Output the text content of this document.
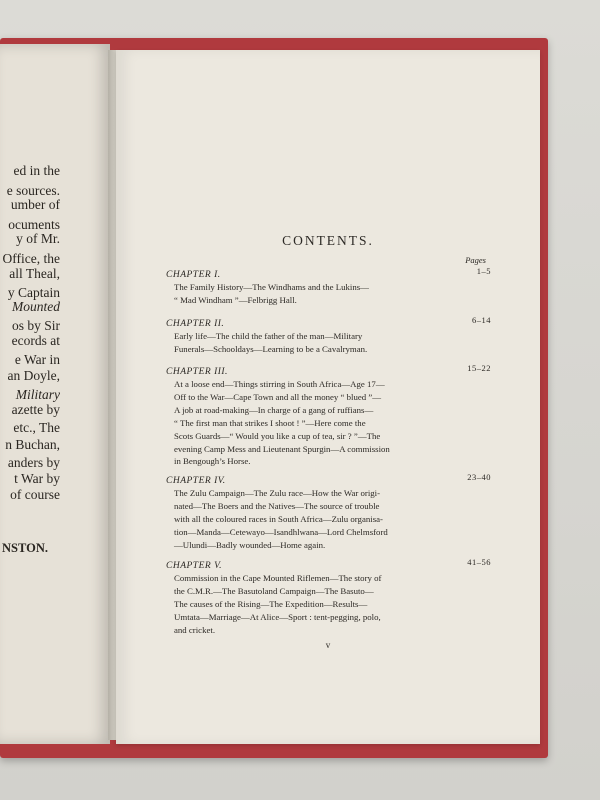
ed in the
e sources.
umber of
ocuments
y of Mr.
Office, the
all Theal,
y Captain
Mounted
os by Sir
ecords at
e War in
an Doyle,
Military
azette by
etc., The
n Buchan,
anders by
t War by
of course
NSTON.
CONTENTS.
Pages
CHAPTER I.	1–5
The Family History—The Windhams and the Lukins—
“ Mad Windham ”—Felbrigg Hall.
CHAPTER II.	6–14
Early life—The child the father of the man—Military
Funerals—Schooldays—Learning to be a Cavalryman.
CHAPTER III.	15–22
At a loose end—Things stirring in South Africa—Age 17—
Off to the War—Cape Town and all the money “ blued ”—
A job at road-making—In charge of a gang of ruffians—
“ The first man that strikes I shoot ! ”—Here come the
Scots Guards—“ Would you like a cup of tea, sir ? ”—The
evening Camp Mess and Lieutenant Spurgin—A commission
in Bengough’s Horse.
CHAPTER IV.	23–40
The Zulu Campaign—The Zulu race—How the War origi-
nated—The Boers and the Natives—The source of trouble
with all the coloured races in South Africa—Zulu organisa-
tion—Manda—Cetewayo—Isandhlwana—Lord Chelmsford
—Ulundi—Badly wounded—Home again.
CHAPTER V.	41–56
Commission in the Cape Mounted Riflemen—The story of
the C.M.R.—The Basutoland Campaign—The Basuto—
The causes of the Rising—The Expedition—Results—
Umtata—Marriage—At Alice—Sport : tent-pegging, polo,
and cricket.
v
